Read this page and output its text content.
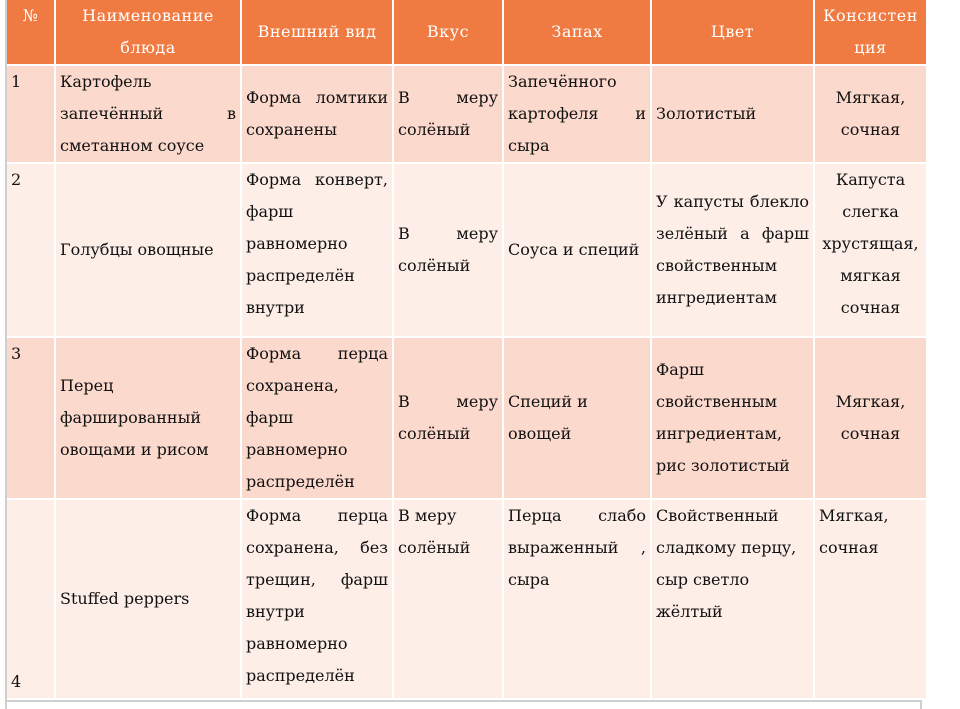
№	Наименование блюда	Внешний вид	Вкус	Запах	Цвет	Консистенция
1	Картофель запечённый в сметанном соусе	Форма ломтики сохранены	В меру солёный	Запечённого картофеля и сыра	Золотистый	Мягкая, сочная
2	Голубцы овощные	Форма конверт, фарш равномерно распределён внутри	В меру солёный	Соуса и специй	У капусты блекло зелёный а фарш свойственным ингредиентам	Капуста слегка хрустящая, мягкая сочная
3	Перец фаршированный овощами и рисом	Форма перца сохранена, фарш равномерно распределён	В меру солёный	Специй и овощей	Фарш свойственным ингредиентам, рис золотистый	Мягкая, сочная
4	Stuffed peppers	Форма перца сохранена, без трещин, фарш внутри равномерно распределён	В меру солёный	Перца слабо выраженный , сыра	Свойственный сладкому перцу, сыр светло жёлтый	Мягкая, сочная
